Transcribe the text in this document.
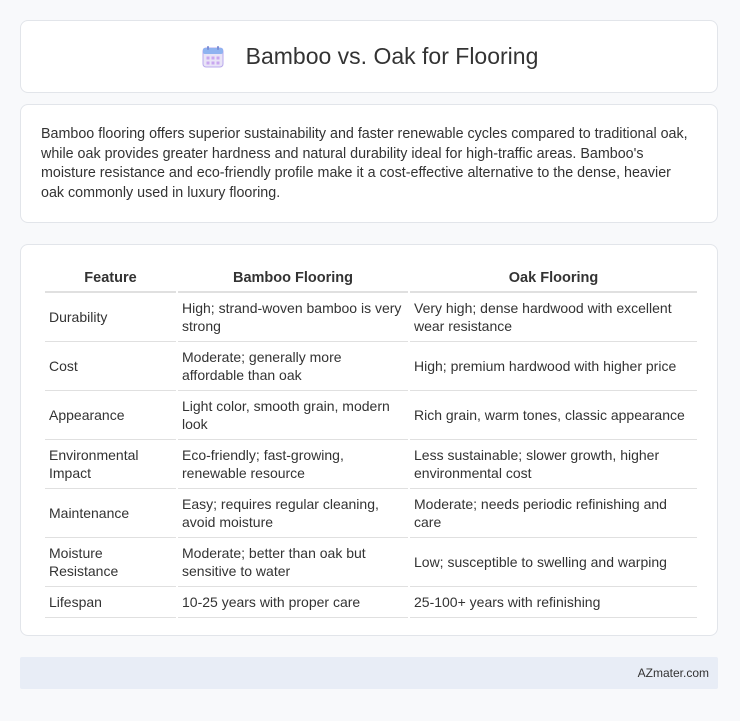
Bamboo vs. Oak for Flooring

Bamboo flooring offers superior sustainability and faster renewable cycles compared to traditional oak, while oak provides greater hardness and natural durability ideal for high-traffic areas. Bamboo's moisture resistance and eco-friendly profile make it a cost-effective alternative to the dense, heavier oak commonly used in luxury flooring.

Feature	Bamboo Flooring	Oak Flooring
Durability	High; strand-woven bamboo is very strong	Very high; dense hardwood with excellent wear resistance
Cost	Moderate; generally more affordable than oak	High; premium hardwood with higher price
Appearance	Light color, smooth grain, modern look	Rich grain, warm tones, classic appearance
Environmental Impact	Eco-friendly; fast-growing, renewable resource	Less sustainable; slower growth, higher environmental cost
Maintenance	Easy; requires regular cleaning, avoid moisture	Moderate; needs periodic refinishing and care
Moisture Resistance	Moderate; better than oak but sensitive to water	Low; susceptible to swelling and warping
Lifespan	10-25 years with proper care	25-100+ years with refinishing
AZmater.com
